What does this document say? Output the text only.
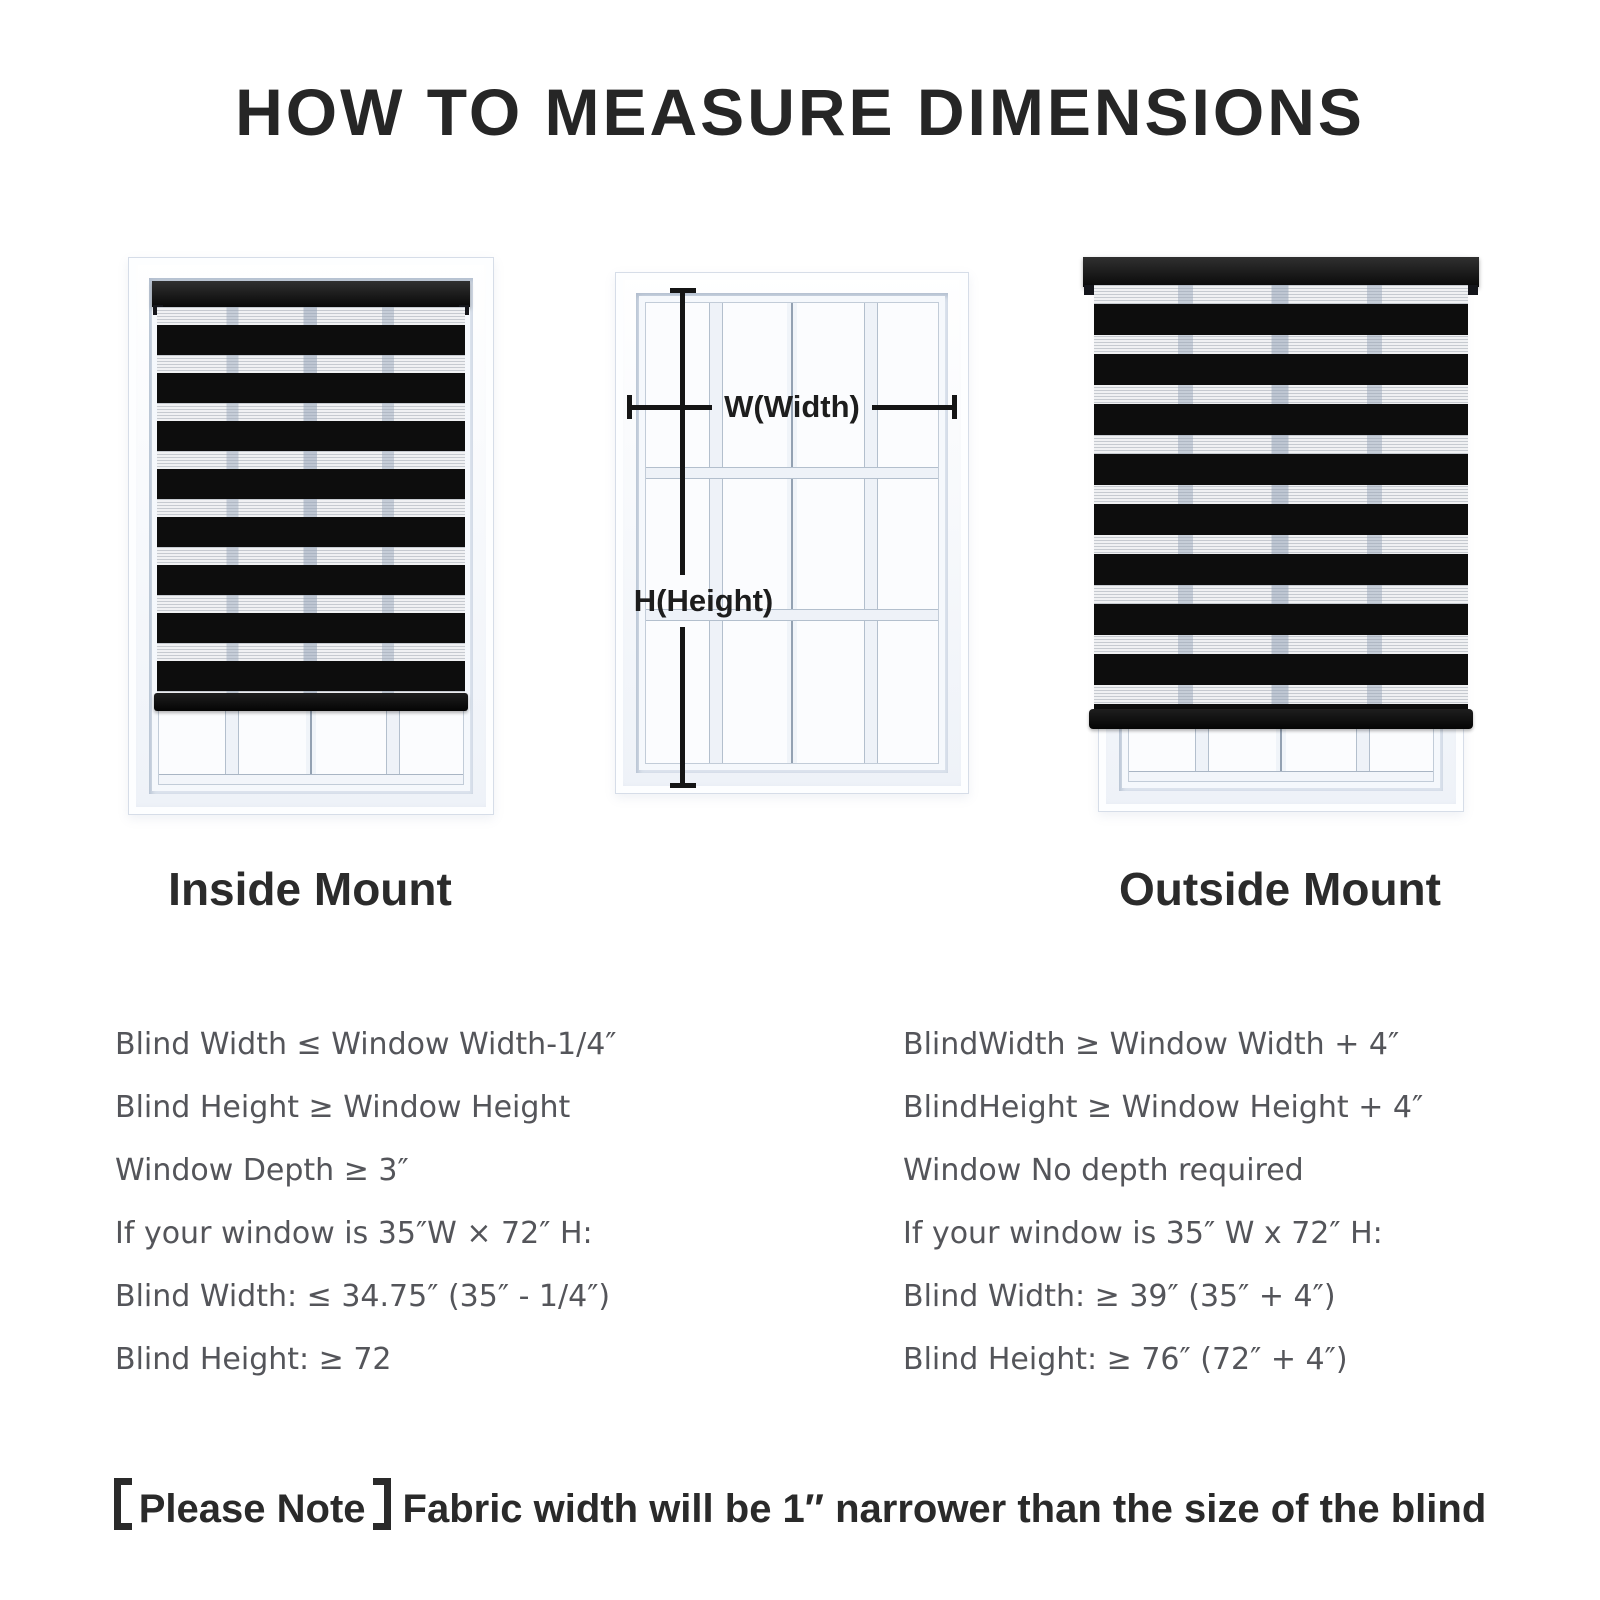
HOW TO MEASURE DIMENSIONS
W(Width)
H(Height)
Inside Mount	Outside Mount
Blind Width ≤ Window Width-1/4″
Blind Height ≥ Window Height
Window Depth ≥ 3″
If your window is 35″W × 72″ H:
Blind Width: ≤ 34.75″ (35″ - 1/4″)
Blind Height: ≥ 72
BlindWidth ≥ Window Width + 4″
BlindHeight ≥ Window Height + 4″
Window No depth required
If your window is 35″ W x 72″ H:
Blind Width: ≥ 39″ (35″ + 4″)
Blind Height: ≥ 76″ (72″ + 4″)
Please Note Fabric width will be 1″ narrower than the size of the blind
